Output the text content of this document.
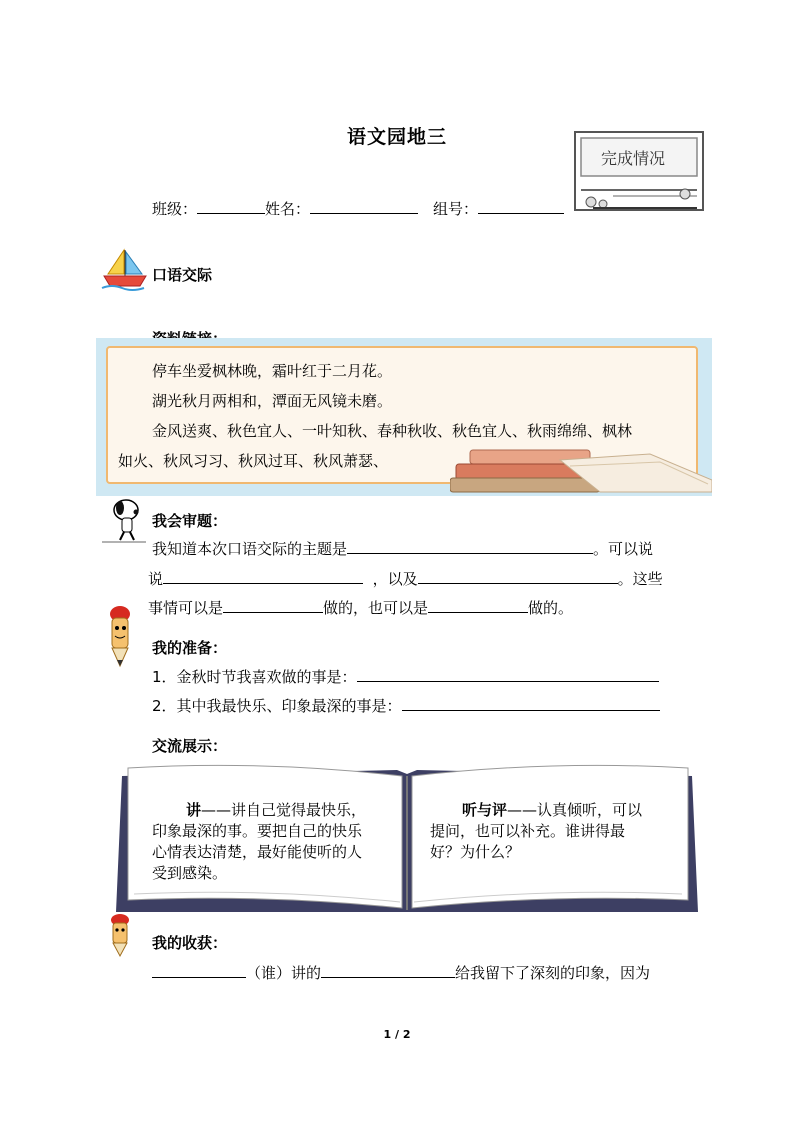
语文园地三
完成情况
班级：	姓名：　	组号：
口语交际
停车坐爱枫林晚，霜叶红于二月花。
湖光秋月两相和，潭面无风镜未磨。
金风送爽、秋色宜人、一叶知秋、春种秋收、秋色宜人、秋雨绵绵、枫林
如火、秋风习习、秋风过耳、秋风萧瑟、
我会审题：
我知道本次口语交际的主题是	。可以说
说	，以及	。这些
事情可以是	做的，也可以是	做的。
我的准备：
1．金秋时节我喜欢做的事是：
2．其中我最快乐、印象最深的事是：
交流展示：
讲——讲自己觉得最快乐，
印象最深的事。要把自己的快乐
心情表达清楚，最好能使听的人
受到感染。
听与评——认真倾听，可以
提问，也可以补充。谁讲得最
好？为什么？
我的收获：
（谁）讲的	给我留下了深刻的印象，因为
1 / 2
